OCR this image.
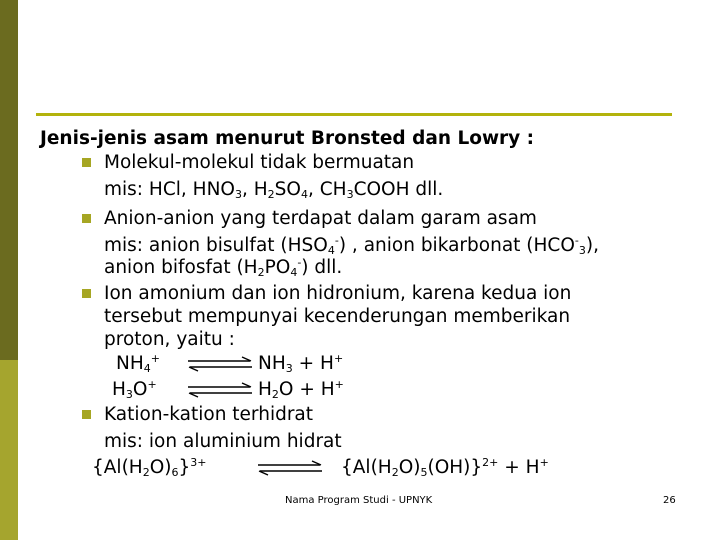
Jenis-jenis asam menurut Bronsted dan Lowry :
Molekul-molekul tidak bermuatan
mis: HCl, $HNO_3$, $H_2SO_4$, $CH_3COOH$ dll.
Anion-anion yang terdapat dalam garam asam
mis: anion bisulfat $(HSO_4^-)$ , anion bikarbonat $(HCO^-_3)$,
anion bifosfat $(H_2PO_4^-)$ dll.
Ion amonium dan ion hidronium, karena kedua ion
tersebut mempunyai kecenderungan memberikan
proton, yaitu :
$NH_4^+$	$NH_3 + H^+$
$H_3O^+$	$H_2O + H^+$
Kation-kation terhidrat
mis: ion aluminium hidrat
$\{Al(H_2O)_6\}^{3+}$	$\{Al(H_2O)_5(OH)\}^{2+} + H^+$
Nama Program Studi - UPNYK	26
